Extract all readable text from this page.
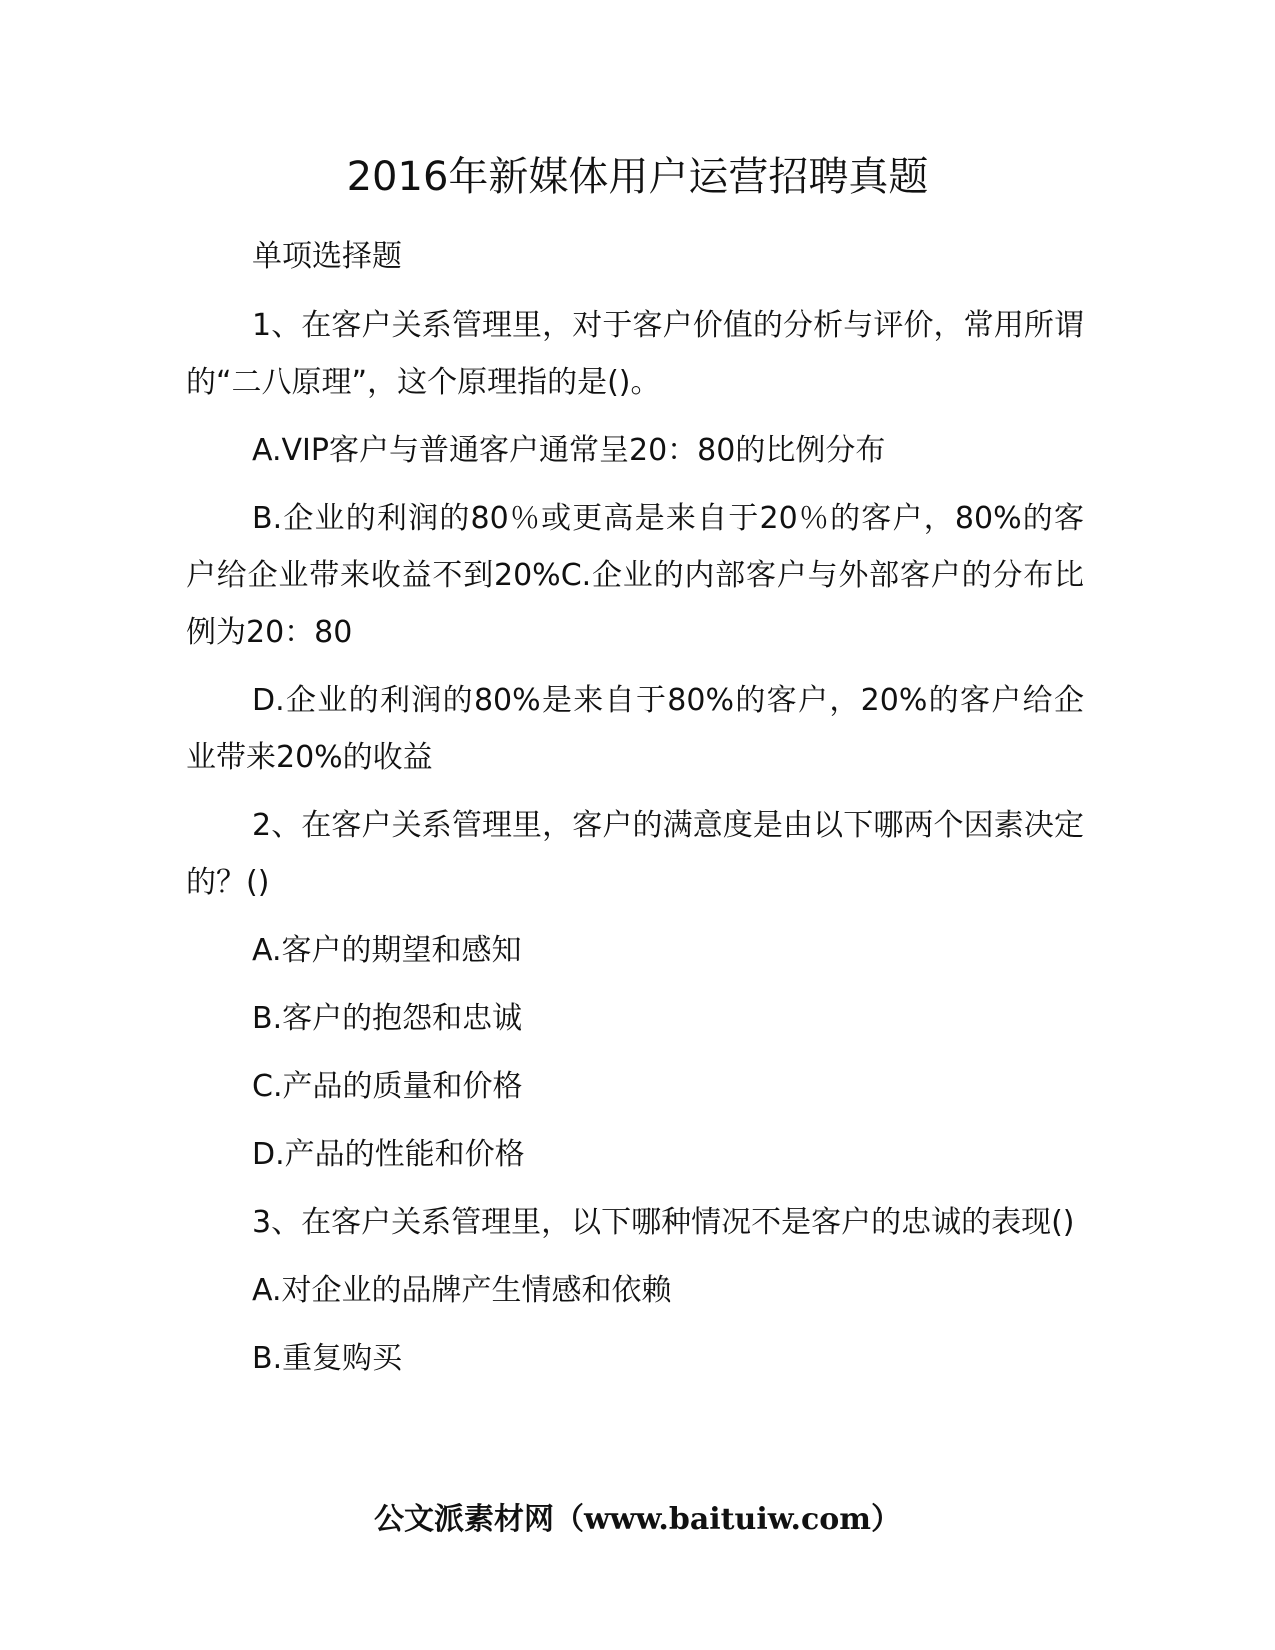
2016年新媒体用户运营招聘真题

单项选择题

1、在客户关系管理里，对于客户价值的分析与评价，常用所谓的“二八原理”，这个原理指的是()。

A.VIP客户与普通客户通常呈20：80的比例分布

B.企业的利润的80％或更高是来自于20％的客户，80%的客户给企业带来收益不到20%C.企业的内部客户与外部客户的分布比例为20：80

D.企业的利润的80%是来自于80%的客户，20%的客户给企业带来20%的收益

2、在客户关系管理里，客户的满意度是由以下哪两个因素决定的？()

A.客户的期望和感知

B.客户的抱怨和忠诚

C.产品的质量和价格

D.产品的性能和价格

3、在客户关系管理里，以下哪种情况不是客户的忠诚的表现()

A.对企业的品牌产生情感和依赖

B.重复购买

公文派素材网（www.baituiw.com）
